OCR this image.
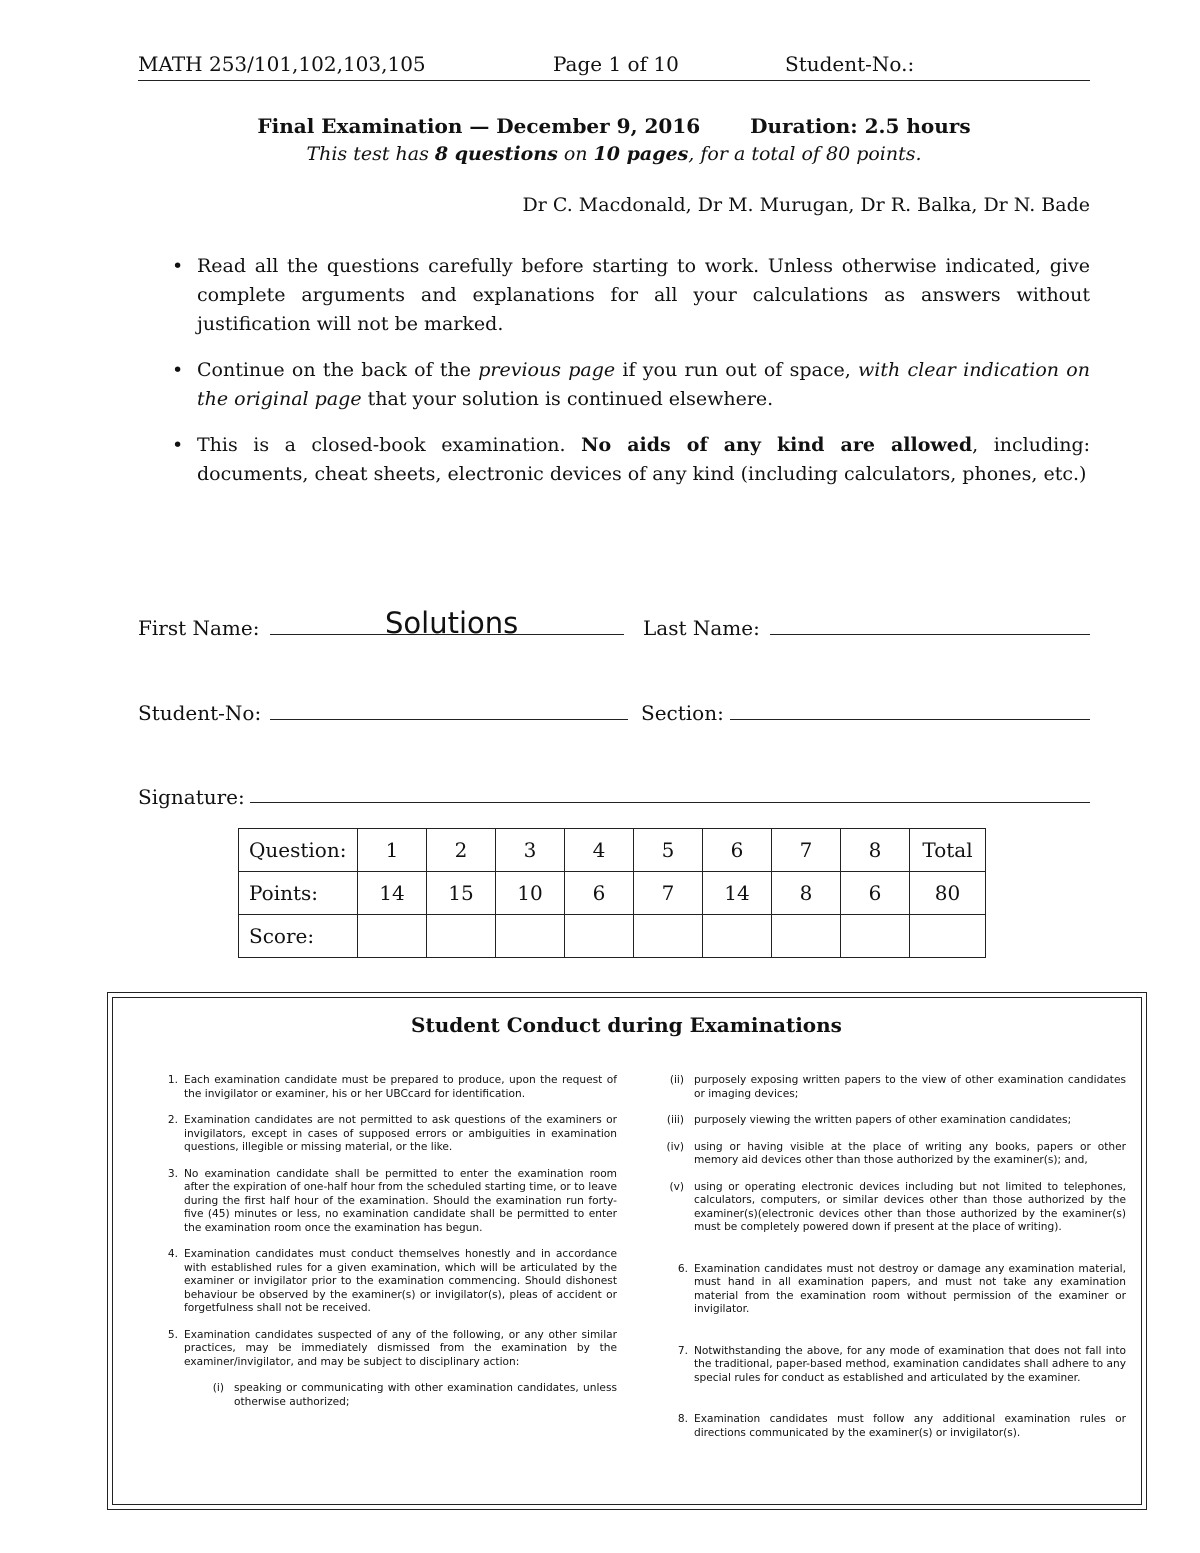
MATH 253/101,102,103,105	Page 1 of 10	Student-No.:
Final Examination — December 9, 2016	Duration: 2.5 hours
This test has 8 questions on 10 pages, for a total of 80 points.
Dr C. Macdonald, Dr M. Murugan, Dr R. Balka, Dr N. Bade
• Read all the questions carefully before starting to work. Unless otherwise indicated, give complete arguments and explanations for all your calculations as answers without justification will not be marked.
• Continue on the back of the previous page if you run out of space, with clear indication on the original page that your solution is continued elsewhere.
• This is a closed-book examination. No aids of any kind are allowed, including: documents, cheat sheets, electronic devices of any kind (including calculators, phones, etc.)
First Name:	Solutions	Last Name:
Student-No:	Section:
Signature:
Question:	1	2	3	4	5	6	7	8	Total
Points:	14	15	10	6	7	14	8	6	80
Score:									
Student Conduct during Examinations
1. Each examination candidate must be prepared to produce, upon the request of the invigilator or examiner, his or her UBCcard for identification.
2. Examination candidates are not permitted to ask questions of the examiners or invigilators, except in cases of supposed errors or ambiguities in examination questions, illegible or missing material, or the like.
3. No examination candidate shall be permitted to enter the examination room after the expiration of one-half hour from the scheduled starting time, or to leave during the first half hour of the examination. Should the examination run forty-five (45) minutes or less, no examination candidate shall be permitted to enter the examination room once the examination has begun.
4. Examination candidates must conduct themselves honestly and in accordance with established rules for a given examination, which will be articulated by the examiner or invigilator prior to the examination commencing. Should dishonest behaviour be observed by the examiner(s) or invigilator(s), pleas of accident or forgetfulness shall not be received.
5. Examination candidates suspected of any of the following, or any other similar practices, may be immediately dismissed from the examination by the examiner/invigilator, and may be subject to disciplinary action:
(i) speaking or communicating with other examination candidates, unless otherwise authorized;
(ii) purposely exposing written papers to the view of other examination candidates or imaging devices;
(iii) purposely viewing the written papers of other examination candidates;
(iv) using or having visible at the place of writing any books, papers or other memory aid devices other than those authorized by the examiner(s); and,
(v) using or operating electronic devices including but not limited to telephones, calculators, computers, or similar devices other than those authorized by the examiner(s)(electronic devices other than those authorized by the examiner(s) must be completely powered down if present at the place of writing).
6. Examination candidates must not destroy or damage any examination material, must hand in all examination papers, and must not take any examination material from the examination room without permission of the examiner or invigilator.
7. Notwithstanding the above, for any mode of examination that does not fall into the traditional, paper-based method, examination candidates shall adhere to any special rules for conduct as established and articulated by the examiner.
8. Examination candidates must follow any additional examination rules or directions communicated by the examiner(s) or invigilator(s).
